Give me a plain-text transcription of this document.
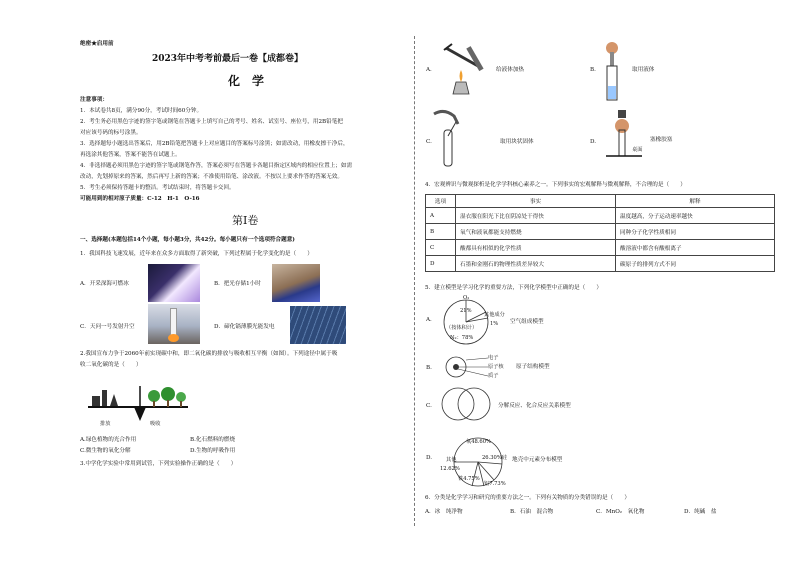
绝密★启用前
2023年中考考前最后一卷【成都卷】
化　学
注意事项：
1．本试卷共8页，满分90分，考试时间60分钟。
2．考生务必用黑色字迹的签字笔或钢笔在答题卡上填写自己的考号、姓名、试室号、座位号，用2B铅笔把
对应该号码的标号涂黑。
3．选择题每小题选出答案后，用2B铅笔把答题卡上对应题目的答案标号涂黑；如需改动，用橡皮擦干净后，
再选涂其他答案，答案不能答在试题上。
4．非选择题必须用黑色字迹的签字笔或钢笔作答，答案必须写在答题卡各题目指定区域内的相应位置上；如需
改动，先划掉原来的答案，然后再写上新的答案；不准使用铅笔、涂改液。不按以上要求作答的答案无效。
5．考生必须保持答题卡的整洁。考试结束时，将答题卡交回。
可能用到的相对原子质量：C-12　H-1　O-16
第Ⅰ卷
一、选择题(本题包括14个小题，每小题3分，共42分。每小题只有一个选项符合题意)
1．我国科技飞速发展，近年来在众多方面取得了新突破，下列过程属于化学变化的是（　　）
A．开采深海可燃冰	B．把光存储1小时
C．天问一号发射升空	D．碲化镉薄膜光能发电
2.我国宣布力争于2060年前实现碳中和，即二氧化碳的排放与吸收相互平衡（如图）。下列途径中属于吸
收二氧化碳的是（　　）
排放	吸收
A.绿色植物的光合作用	B.化石燃料的燃烧
C.微生物的氧化分解	D.生物的呼吸作用
3.中学化学实验中常用到试管，下列实验操作正确的是（　　）
A.	给液体加热	B.	取用液体
C.	取用块状固体	D.	塞橡胶塞
桌面
4．宏观辨识与微观探析是化学学科核心素养之一。下列事实的宏观解释与微观解释，不合理的是（　　）
选项	事实	解释
A	湿衣服在阳光下比在阴凉处干得快	温度越高，分子运动速率越快
B	氧气和液氧都能支持燃烧	同种分子化学性质相同
C	酸都具有相似的化学性质	酸溶液中都含有酸根离子
D	石墨和金刚石的物理性质差异较大	碳原子的排列方式不同
5．建立模型是学习化学的重要方法，下列化学模型中正确的是（　　）
A.
O₂
21%
其他成分
1%
（按体积计）
N₂：78%
空气组成模型
B.
电子
原子核
质子
原子结构模型
C.	分解反应、化合反应关系模型
D.
氧48.60%
26.30%硅
其他
12.62%
铁4.75%
铝7.73%
地壳中元素分布模型
6．分类是化学学习和研究的重要方法之一。下列有关物质的分类错误的是（　　）
A．冰　纯净物	B．石油　混合物	C．MnO₂　氧化物	D．纯碱　盐
